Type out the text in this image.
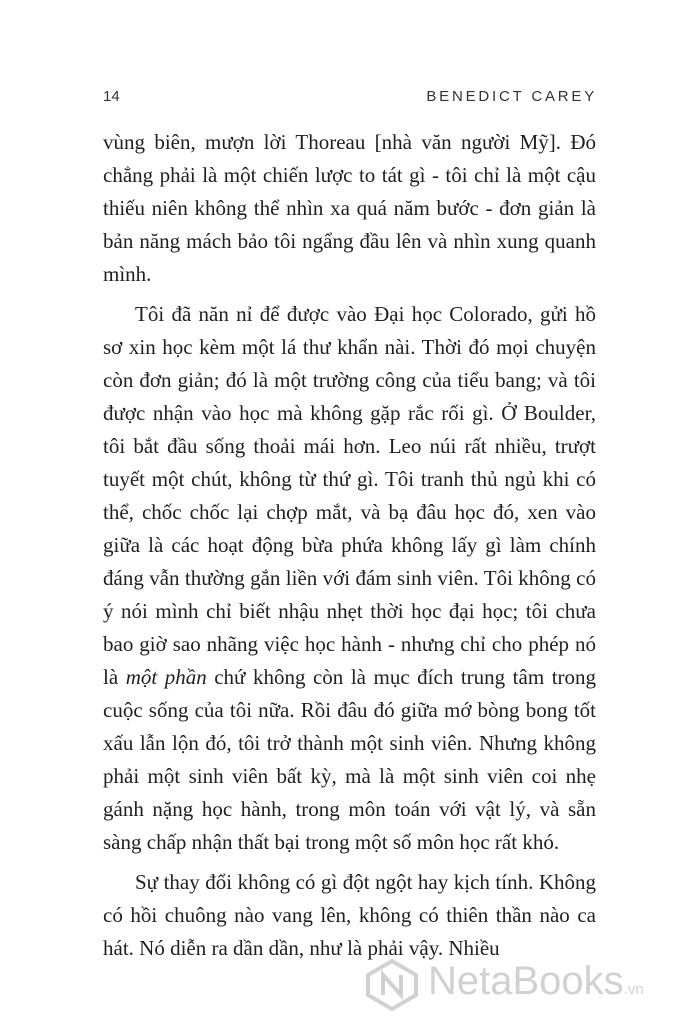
14	BENEDICT CAREY

vùng biên, mượn lời Thoreau [nhà văn người Mỹ]. Đó chẳng phải là một chiến lược to tát gì - tôi chỉ là một cậu thiếu niên không thể nhìn xa quá năm bước - đơn giản là bản năng mách bảo tôi ngẩng đầu lên và nhìn xung quanh mình.

Tôi đã năn nỉ để được vào Đại học Colorado, gửi hồ sơ xin học kèm một lá thư khẩn nài. Thời đó mọi chuyện còn đơn giản; đó là một trường công của tiểu bang; và tôi được nhận vào học mà không gặp rắc rối gì. Ở Boulder, tôi bắt đầu sống thoải mái hơn. Leo núi rất nhiều, trượt tuyết một chút, không từ thứ gì. Tôi tranh thủ ngủ khi có thể, chốc chốc lại chợp mắt, và bạ đâu học đó, xen vào giữa là các hoạt động bừa phứa không lấy gì làm chính đáng vẫn thường gắn liền với đám sinh viên. Tôi không có ý nói mình chỉ biết nhậu nhẹt thời học đại học; tôi chưa bao giờ sao nhãng việc học hành - nhưng chỉ cho phép nó là một phần chứ không còn là mục đích trung tâm trong cuộc sống của tôi nữa. Rồi đâu đó giữa mớ bòng bong tốt xấu lẫn lộn đó, tôi trở thành một sinh viên. Nhưng không phải một sinh viên bất kỳ, mà là một sinh viên coi nhẹ gánh nặng học hành, trong môn toán với vật lý, và sẵn sàng chấp nhận thất bại trong một số môn học rất khó.

Sự thay đổi không có gì đột ngột hay kịch tính. Không có hồi chuông nào vang lên, không có thiên thần nào ca hát. Nó diễn ra dần dần, như là phải vậy. Nhiều

NetaBooks.vn
